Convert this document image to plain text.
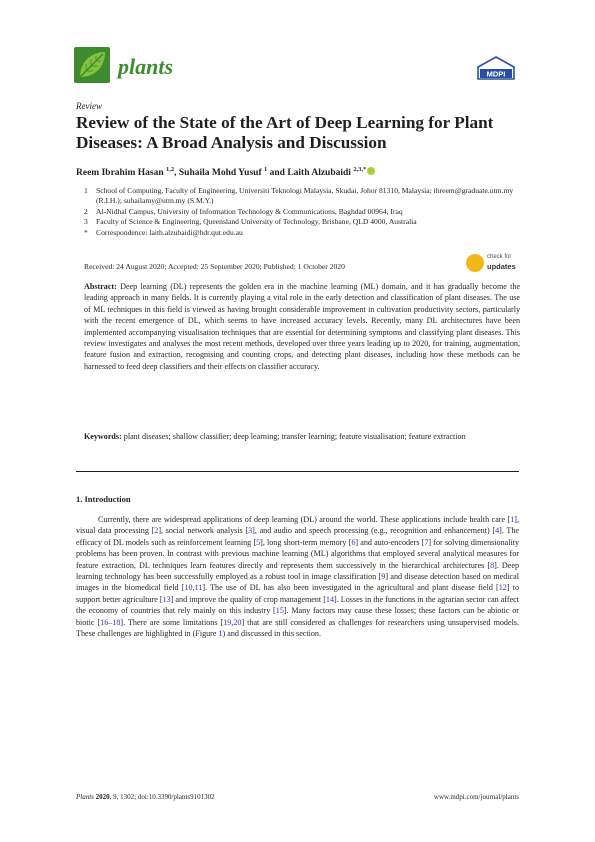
plants	MDPI
Review
Review of the State of the Art of Deep Learning for Plant Diseases: A Broad Analysis and Discussion
Reem Ibrahim Hasan $^{1,2}$, Suhaila Mohd Yusuf $^1$ and Laith Alzubaidi $^{2,3,*}$
1	School of Computing, Faculty of Engineering, Universiti Teknologi Malaysia, Skudai, Johor 81310, Malaysia; ihreem@graduate.utm.my (R.I.H.); suhailamy@utm.my (S.M.Y.)
2	Al-Nidhal Campus, University of Information Technology & Communications, Baghdad 00964, Iraq
3	Faculty of Science & Engineering, Queensland University of Technology, Brisbane, QLD 4000, Australia
*	Correspondence: laith.alzubaidi@hdr.qut.edu.au
Received: 24 August 2020; Accepted: 25 September 2020; Published: 1 October 2020
check for
updates
Abstract: Deep learning (DL) represents the golden era in the machine learning (ML) domain, and it has gradually become the leading approach in many fields. It is currently playing a vital role in the early detection and classification of plant diseases. The use of ML techniques in this field is viewed as having brought considerable improvement in cultivation productivity sectors, particularly with the recent emergence of DL, which seems to have increased accuracy levels. Recently, many DL architectures have been implemented accompanying visualisation techniques that are essential for determining symptoms and classifying plant diseases. This review investigates and analyses the most recent methods, developed over three years leading up to 2020, for training, augmentation, feature fusion and extraction, recognising and counting crops, and detecting plant diseases, including how these methods can be harnessed to feed deep classifiers and their effects on classifier accuracy.
Keywords: plant diseases; shallow classifier; deep learning; transfer learning; feature visualisation; feature extraction
1. Introduction
Currently, there are widespread applications of deep learning (DL) around the world. These applications include health care [1], visual data processing [2], social network analysis [3], and audio and speech processing (e.g., recognition and enhancement) [4]. The efficacy of DL models such as reinforcement learning [5], long short-term memory [6] and auto-encoders [7] for solving dimensionality problems has been proven. In contrast with previous machine learning (ML) algorithms that employed several analytical measures for feature extraction, DL techniques learn features directly and represents them successively in the hierarchical architectures [8]. Deep learning technology has been successfully employed as a robust tool in image classification [9] and disease detection based on medical images in the biomedical field [10,11]. The use of DL has also been investigated in the agricultural and plant disease field [12] to support better agriculture [13] and improve the quality of crop management [14]. Losses in the functions in the agrarian sector can affect the economy of countries that rely mainly on this industry [15]. Many factors may cause these losses; these factors can be abiotic or biotic [16–18]. There are some limitations [19,20] that are still considered as challenges for researchers using unsupervised models. These challenges are highlighted in (Figure 1) and discussed in this section.
Plants 2020, 9, 1302; doi:10.3390/plants9101302	www.mdpi.com/journal/plants
